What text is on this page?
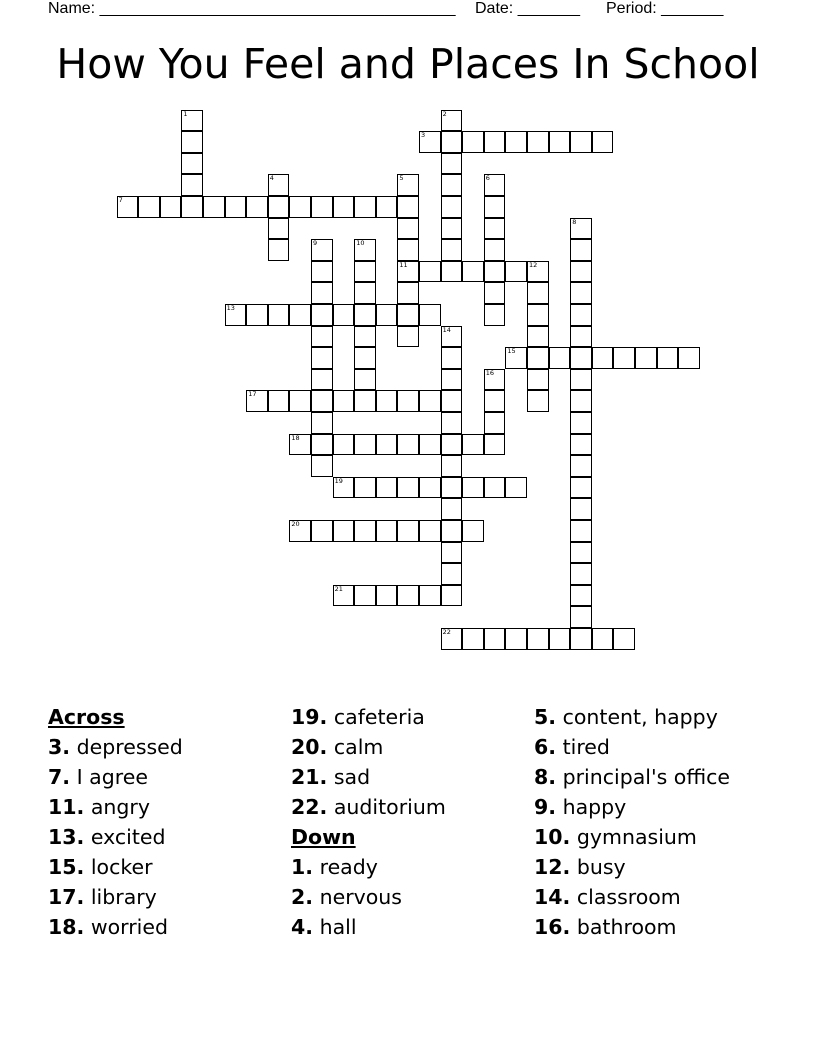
Name: ________________________________________ Date: _______ Period: _______
How You Feel and Places In School
1	2
3
4	5
11
6
7
8
9	10
12
13
14
15
16
17
18
19
20
21
22
Across
3. depressed
7. I agree
11. angry
13. excited
15. locker
17. library
18. worried
19. cafeteria
20. calm
21. sad
22. auditorium
Down
1. ready
2. nervous
4. hall
5. content, happy
6. tired
8. principal's office
9. happy
10. gymnasium
12. busy
14. classroom
16. bathroom
